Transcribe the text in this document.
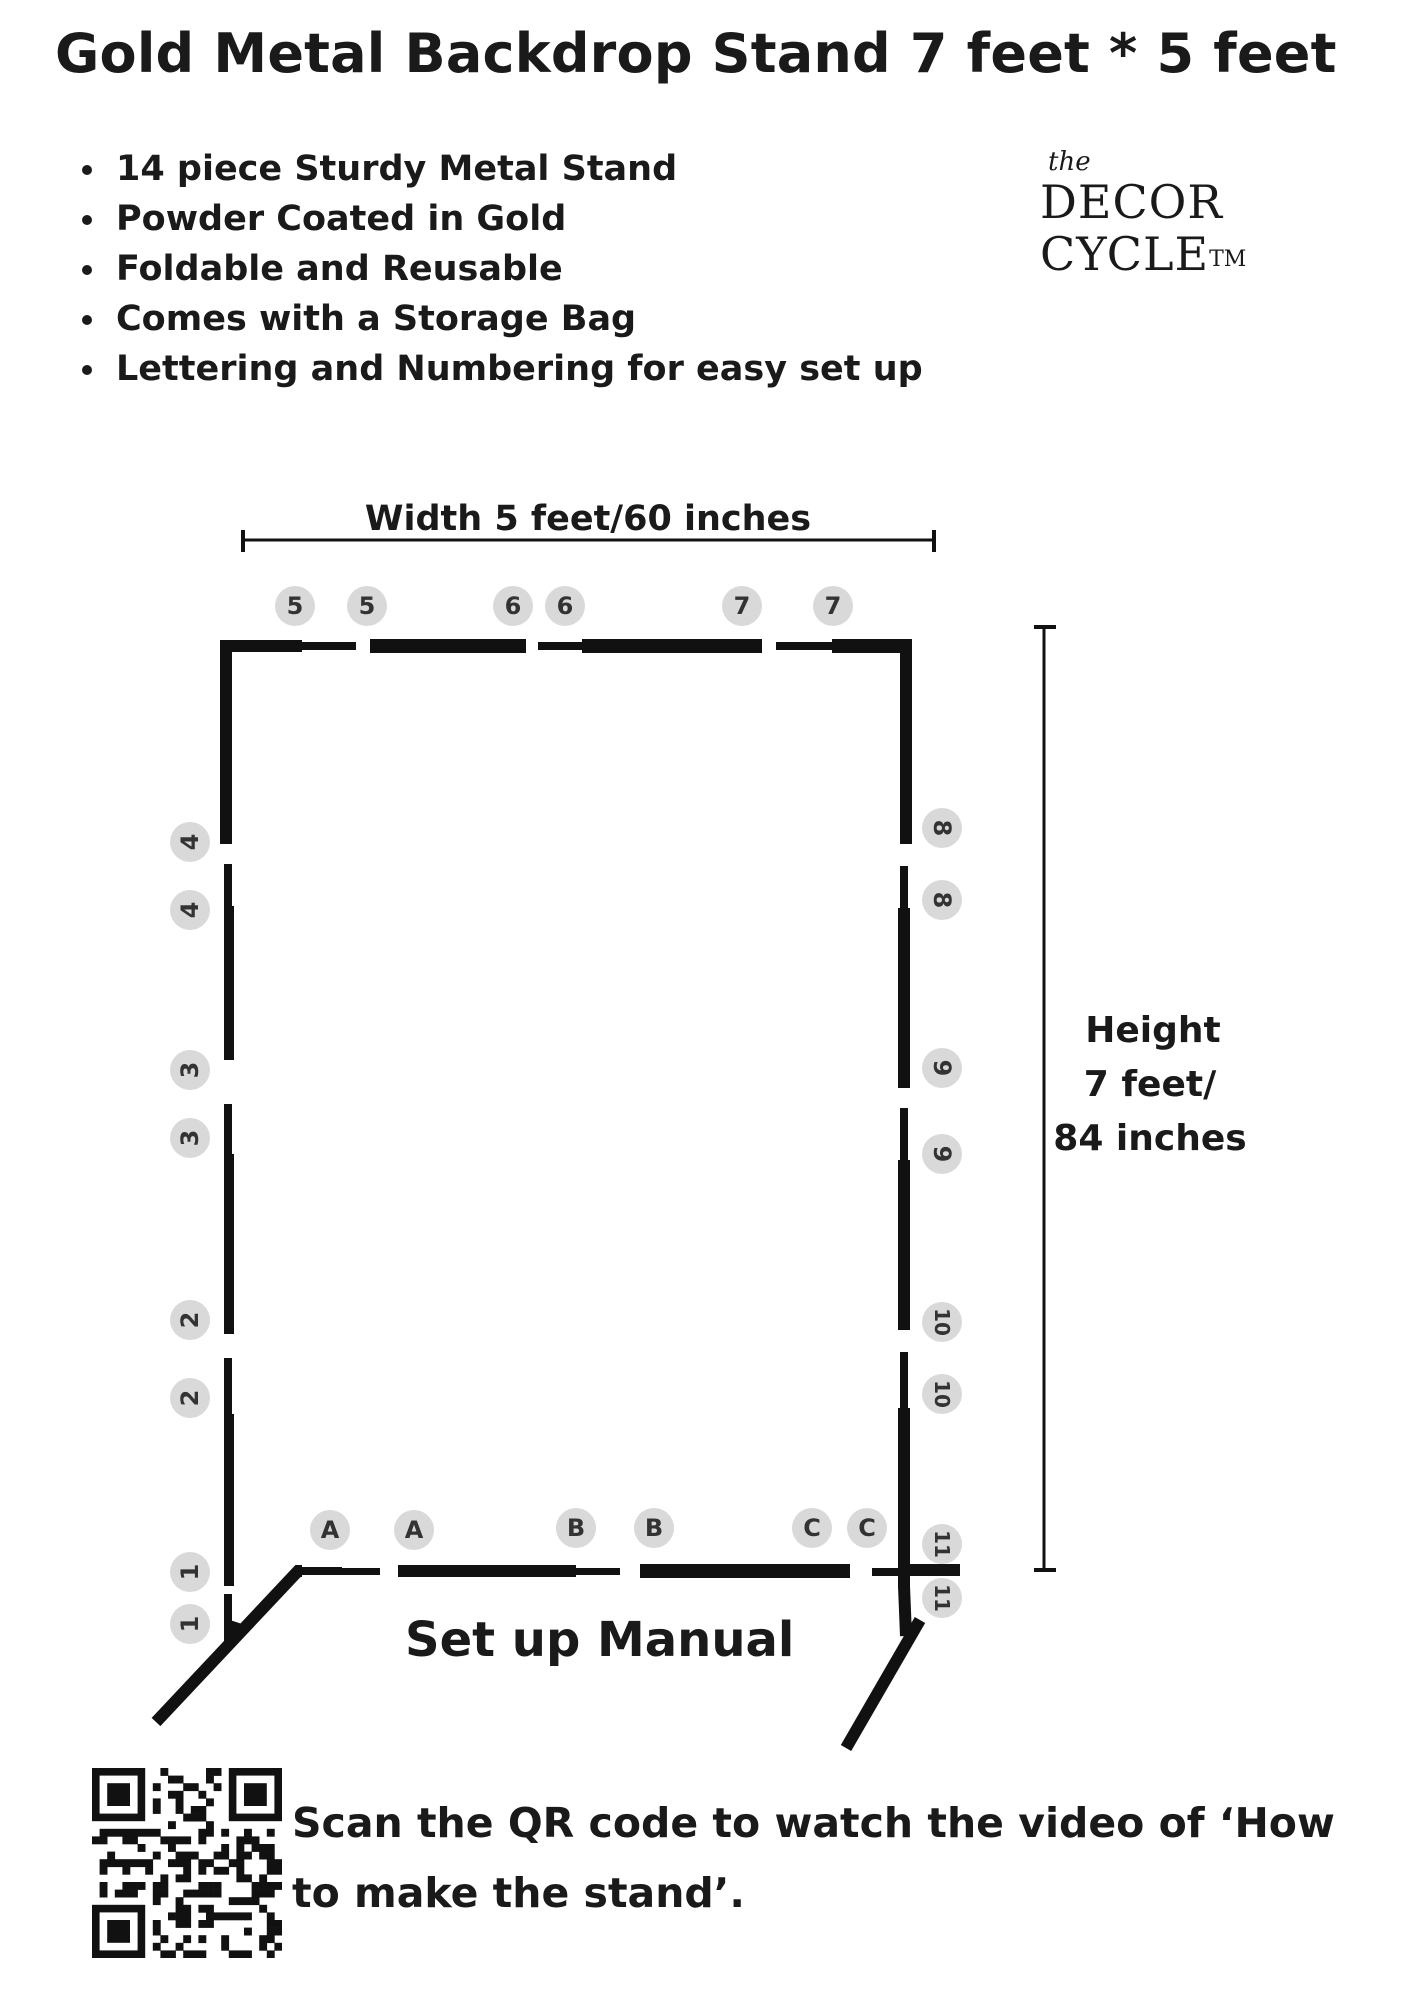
Gold Metal Backdrop Stand 7 feet * 5 feet
14 piece Sturdy Metal Stand
Powder Coated in Gold
Foldable and Reusable
Comes with a Storage Bag
Lettering and Numbering for easy set up
the
DECOR
CYCLE™
Width 5 feet/60 inches
Height
7 feet/
84 inches
5 5	6 6	7	7
4
4
3
3
2
2
1
1
8
8
9
9
10
10
11
11
A	A	B B	C C
Set up Manual
Scan the QR code to watch the video of ‘How to make the stand’.
